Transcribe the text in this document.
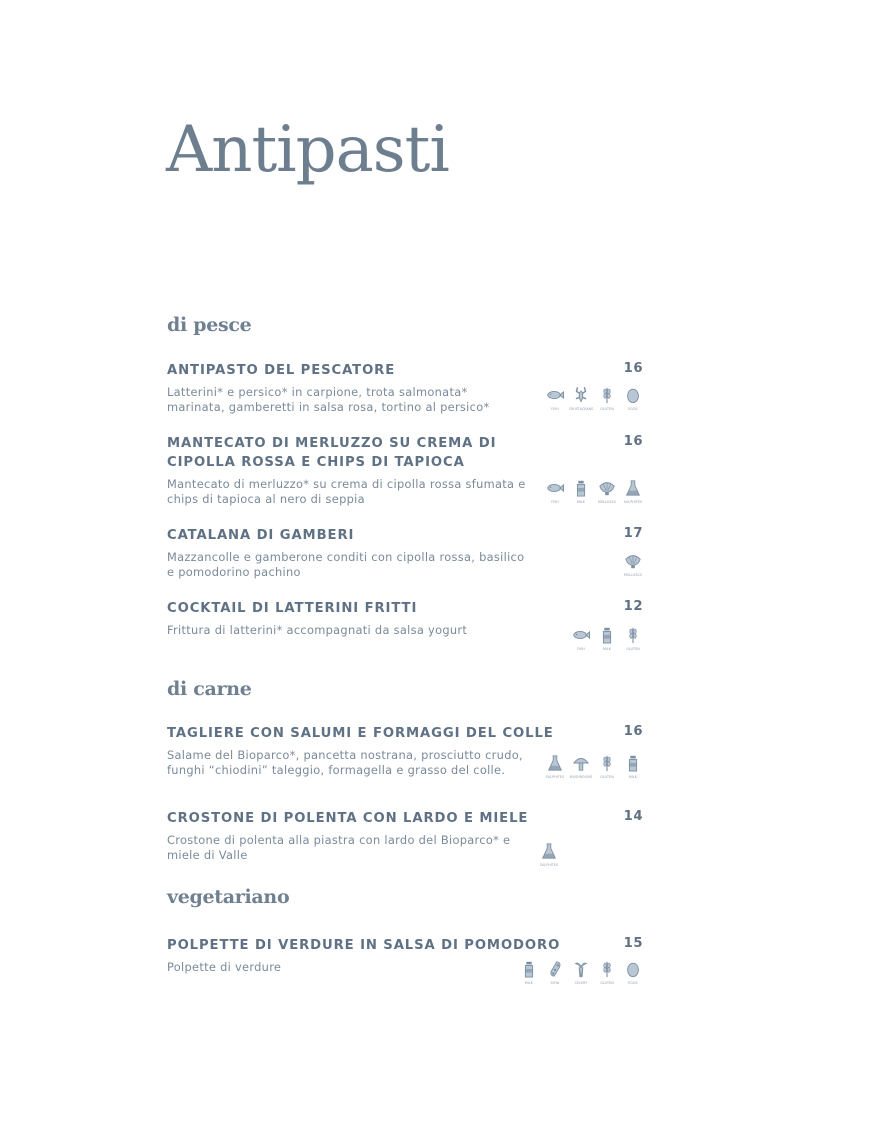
Antipasti
di pesce

ANTIPASTO DEL PESCATORE	16
Latterini* e persico* in carpione, trota salmonata* marinata, gamberetti in salsa rosa, tortino al persico*	FISH	CRUSTACEANS GLUTEN	EGGS

MANTECATO DI MERLUZZO SU CREMA DI CIPOLLA ROSSA E CHIPS DI TAPIOCA

16
Mantecato di merluzzo* su crema di cipolla rossa sfumata e chips di tapioca al nero di seppia	FISH	MILK	MOLLUSCS SULPHITES

CATALANA DI GAMBERI	17
Mazzancolle e gamberone conditi con cipolla rossa, basilico e pomodorino pachino	MOLLUSCS

COCKTAIL DI LATTERINI FRITTI	12
Frittura di latterini* accompagnati da salsa yogurt
FISH	MILK	GLUTEN
di carne

TAGLIERE CON SALUMI E FORMAGGI DEL COLLE	16
Salame del Bioparco*, pancetta nostrana, prosciutto crudo, funghi “chiodini” taleggio, formagella e grasso del colle.	SULPHITES MUSHROOMS	GLUTEN	MILK

CROSTONE DI POLENTA CON LARDO E MIELE	14
Crostone di polenta alla piastra con lardo del Bioparco* e miele di Valle
SULPHITES
vegetariano

POLPETTE DI VERDURE IN SALSA DI POMODORO	15
Polpette di verdure
MILK	SOYA	CELERY	GLUTEN	EGGS
